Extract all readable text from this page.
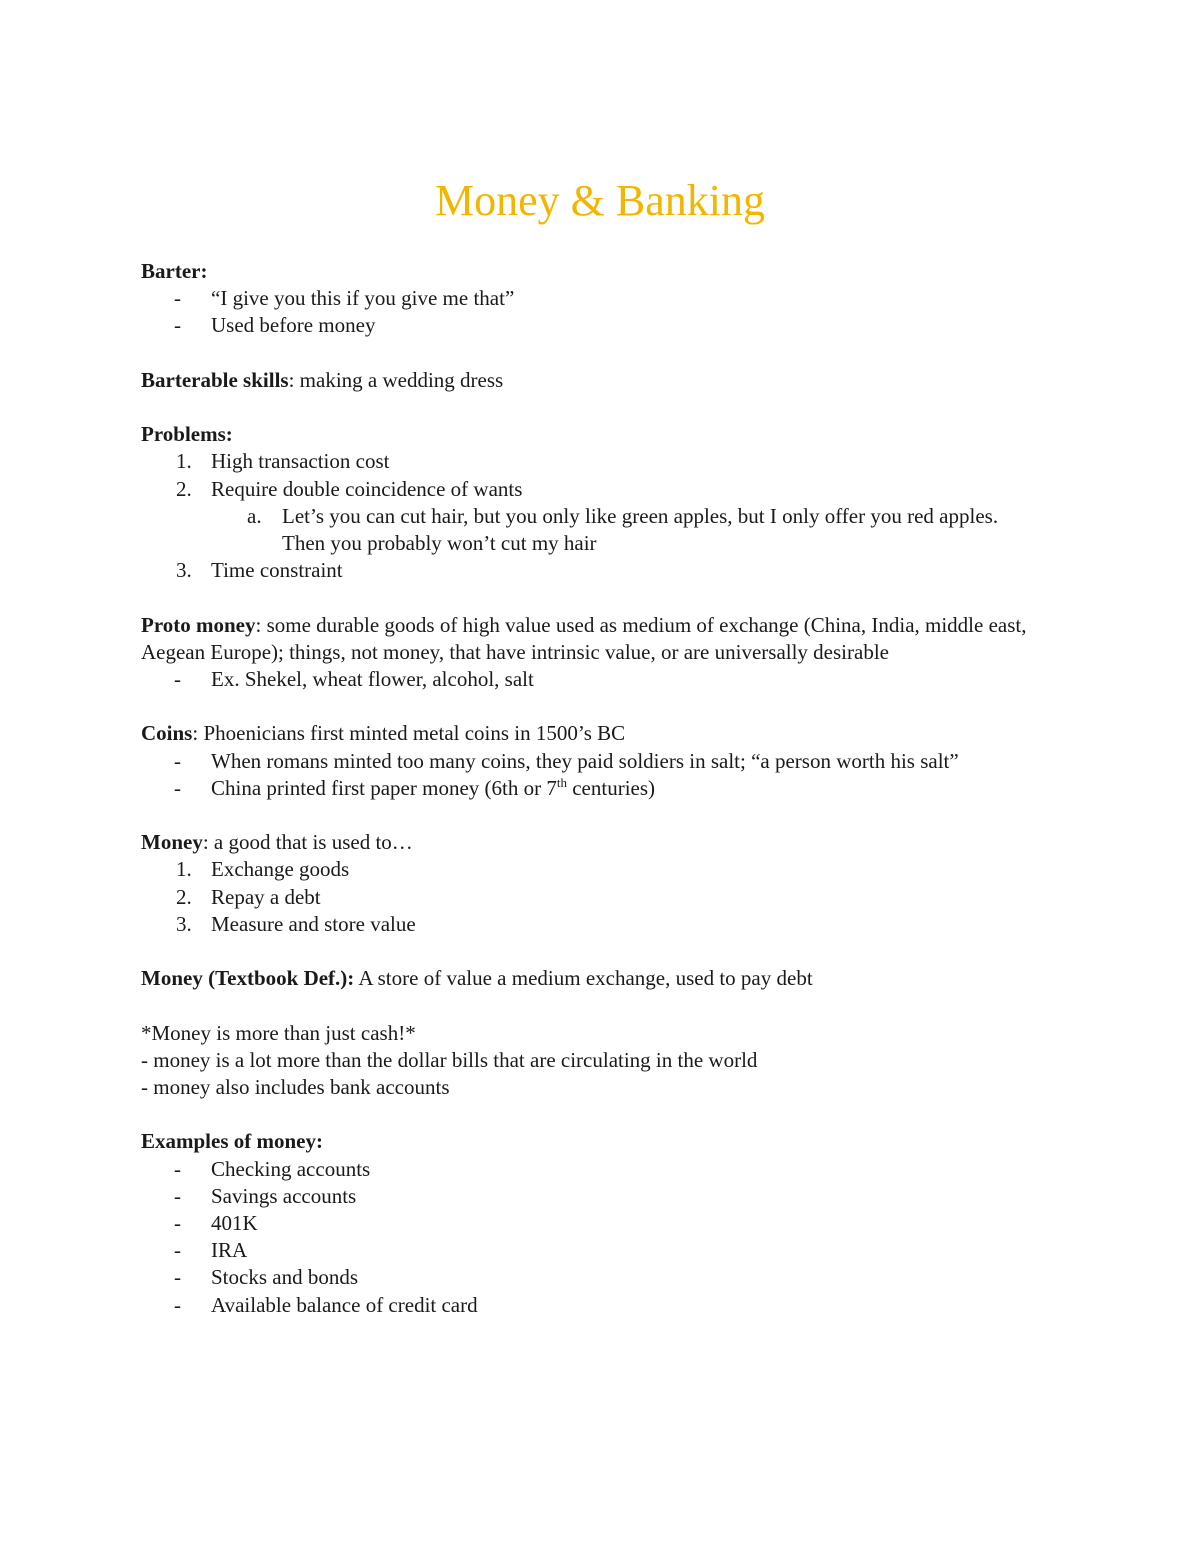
Money & Banking

Barter:

- “I give you this if you give me that”
- Used before money

Barterable skills: making a wedding dress

Problems:

1. High transaction cost
2. Require double coincidence of wants
a. Let’s you can cut hair, but you only like green apples, but I only offer you red apples. Then you probably won’t cut my hair
3. Time constraint

Proto money: some durable goods of high value used as medium of exchange (China, India, middle east, Aegean Europe); things, not money, that have intrinsic value, or are universally desirable

- Ex. Shekel, wheat flower, alcohol, salt

Coins: Phoenicians first minted metal coins in 1500’s BC

- When romans minted too many coins, they paid soldiers in salt; “a person worth his salt”
- China printed first paper money (6th or 7th centuries)

Money: a good that is used to…

1. Exchange goods
2. Repay a debt
3. Measure and store value

Money (Textbook Def.): A store of value a medium exchange, used to pay debt

*Money is more than just cash!*

- money is a lot more than the dollar bills that are circulating in the world

- money also includes bank accounts

Examples of money:

- Checking accounts
- Savings accounts
- 401K
- IRA
- Stocks and bonds
- Available balance of credit card
